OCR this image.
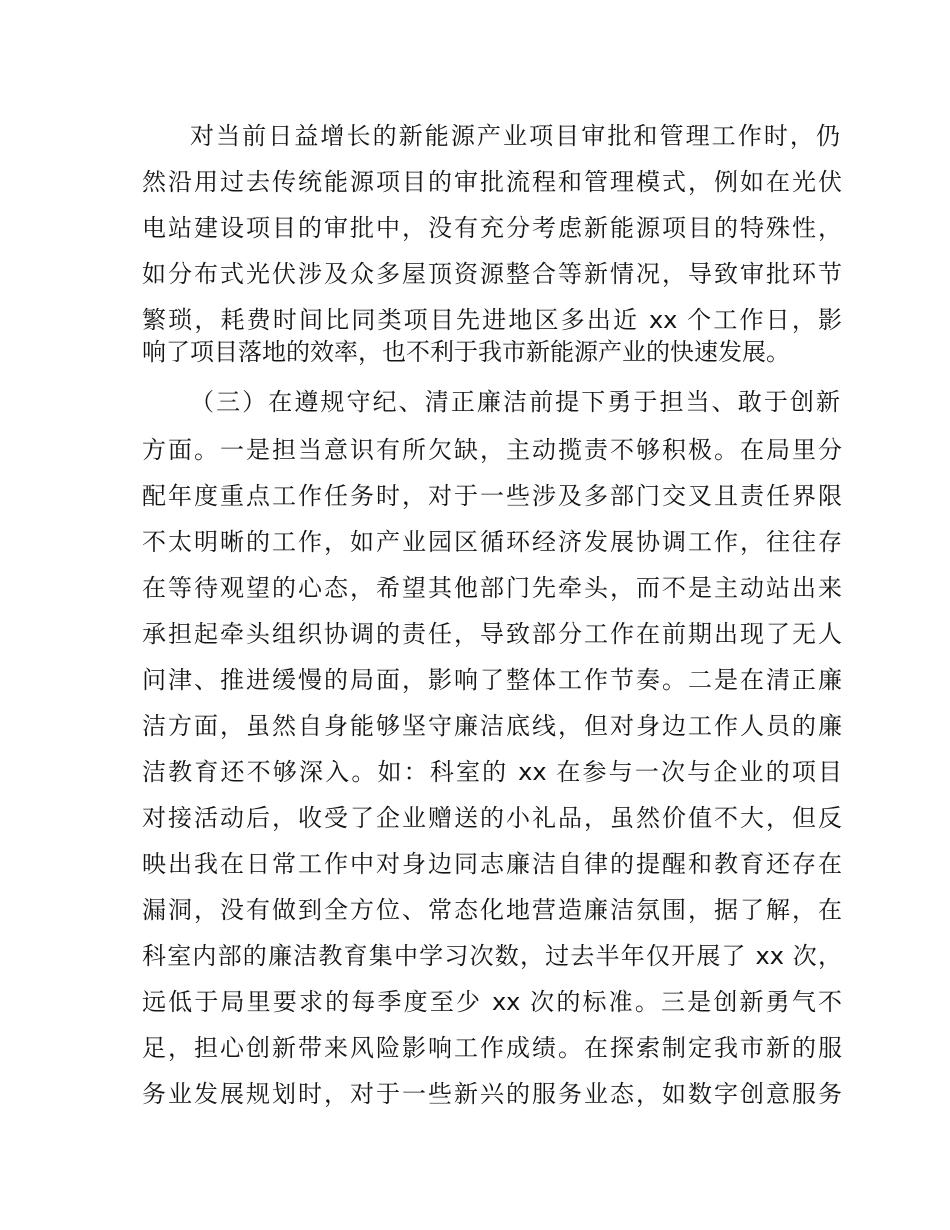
对当前日益增长的新能源产业项目审批和管理工作时，仍
然沿用过去传统能源项目的审批流程和管理模式，例如在光伏
电站建设项目的审批中，没有充分考虑新能源项目的特殊性，
如分布式光伏涉及众多屋顶资源整合等新情况，导致审批环节
繁琐，耗费时间比同类项目先进地区多出近 xx 个工作日，影
响了项目落地的效率，也不利于我市新能源产业的快速发展。
（三）在遵规守纪、清正廉洁前提下勇于担当、敢于创新
方面。一是担当意识有所欠缺，主动揽责不够积极。在局里分
配年度重点工作任务时，对于一些涉及多部门交叉且责任界限
不太明晰的工作，如产业园区循环经济发展协调工作，往往存
在等待观望的心态，希望其他部门先牵头，而不是主动站出来
承担起牵头组织协调的责任，导致部分工作在前期出现了无人
问津、推进缓慢的局面，影响了整体工作节奏。二是在清正廉
洁方面，虽然自身能够坚守廉洁底线，但对身边工作人员的廉
洁教育还不够深入。如：科室的 xx 在参与一次与企业的项目
对接活动后，收受了企业赠送的小礼品，虽然价值不大，但反
映出我在日常工作中对身边同志廉洁自律的提醒和教育还存在
漏洞，没有做到全方位、常态化地营造廉洁氛围，据了解，在
科室内部的廉洁教育集中学习次数，过去半年仅开展了 xx 次，
远低于局里要求的每季度至少 xx 次的标准。三是创新勇气不
足，担心创新带来风险影响工作成绩。在探索制定我市新的服
务业发展规划时，对于一些新兴的服务业态，如数字创意服务
